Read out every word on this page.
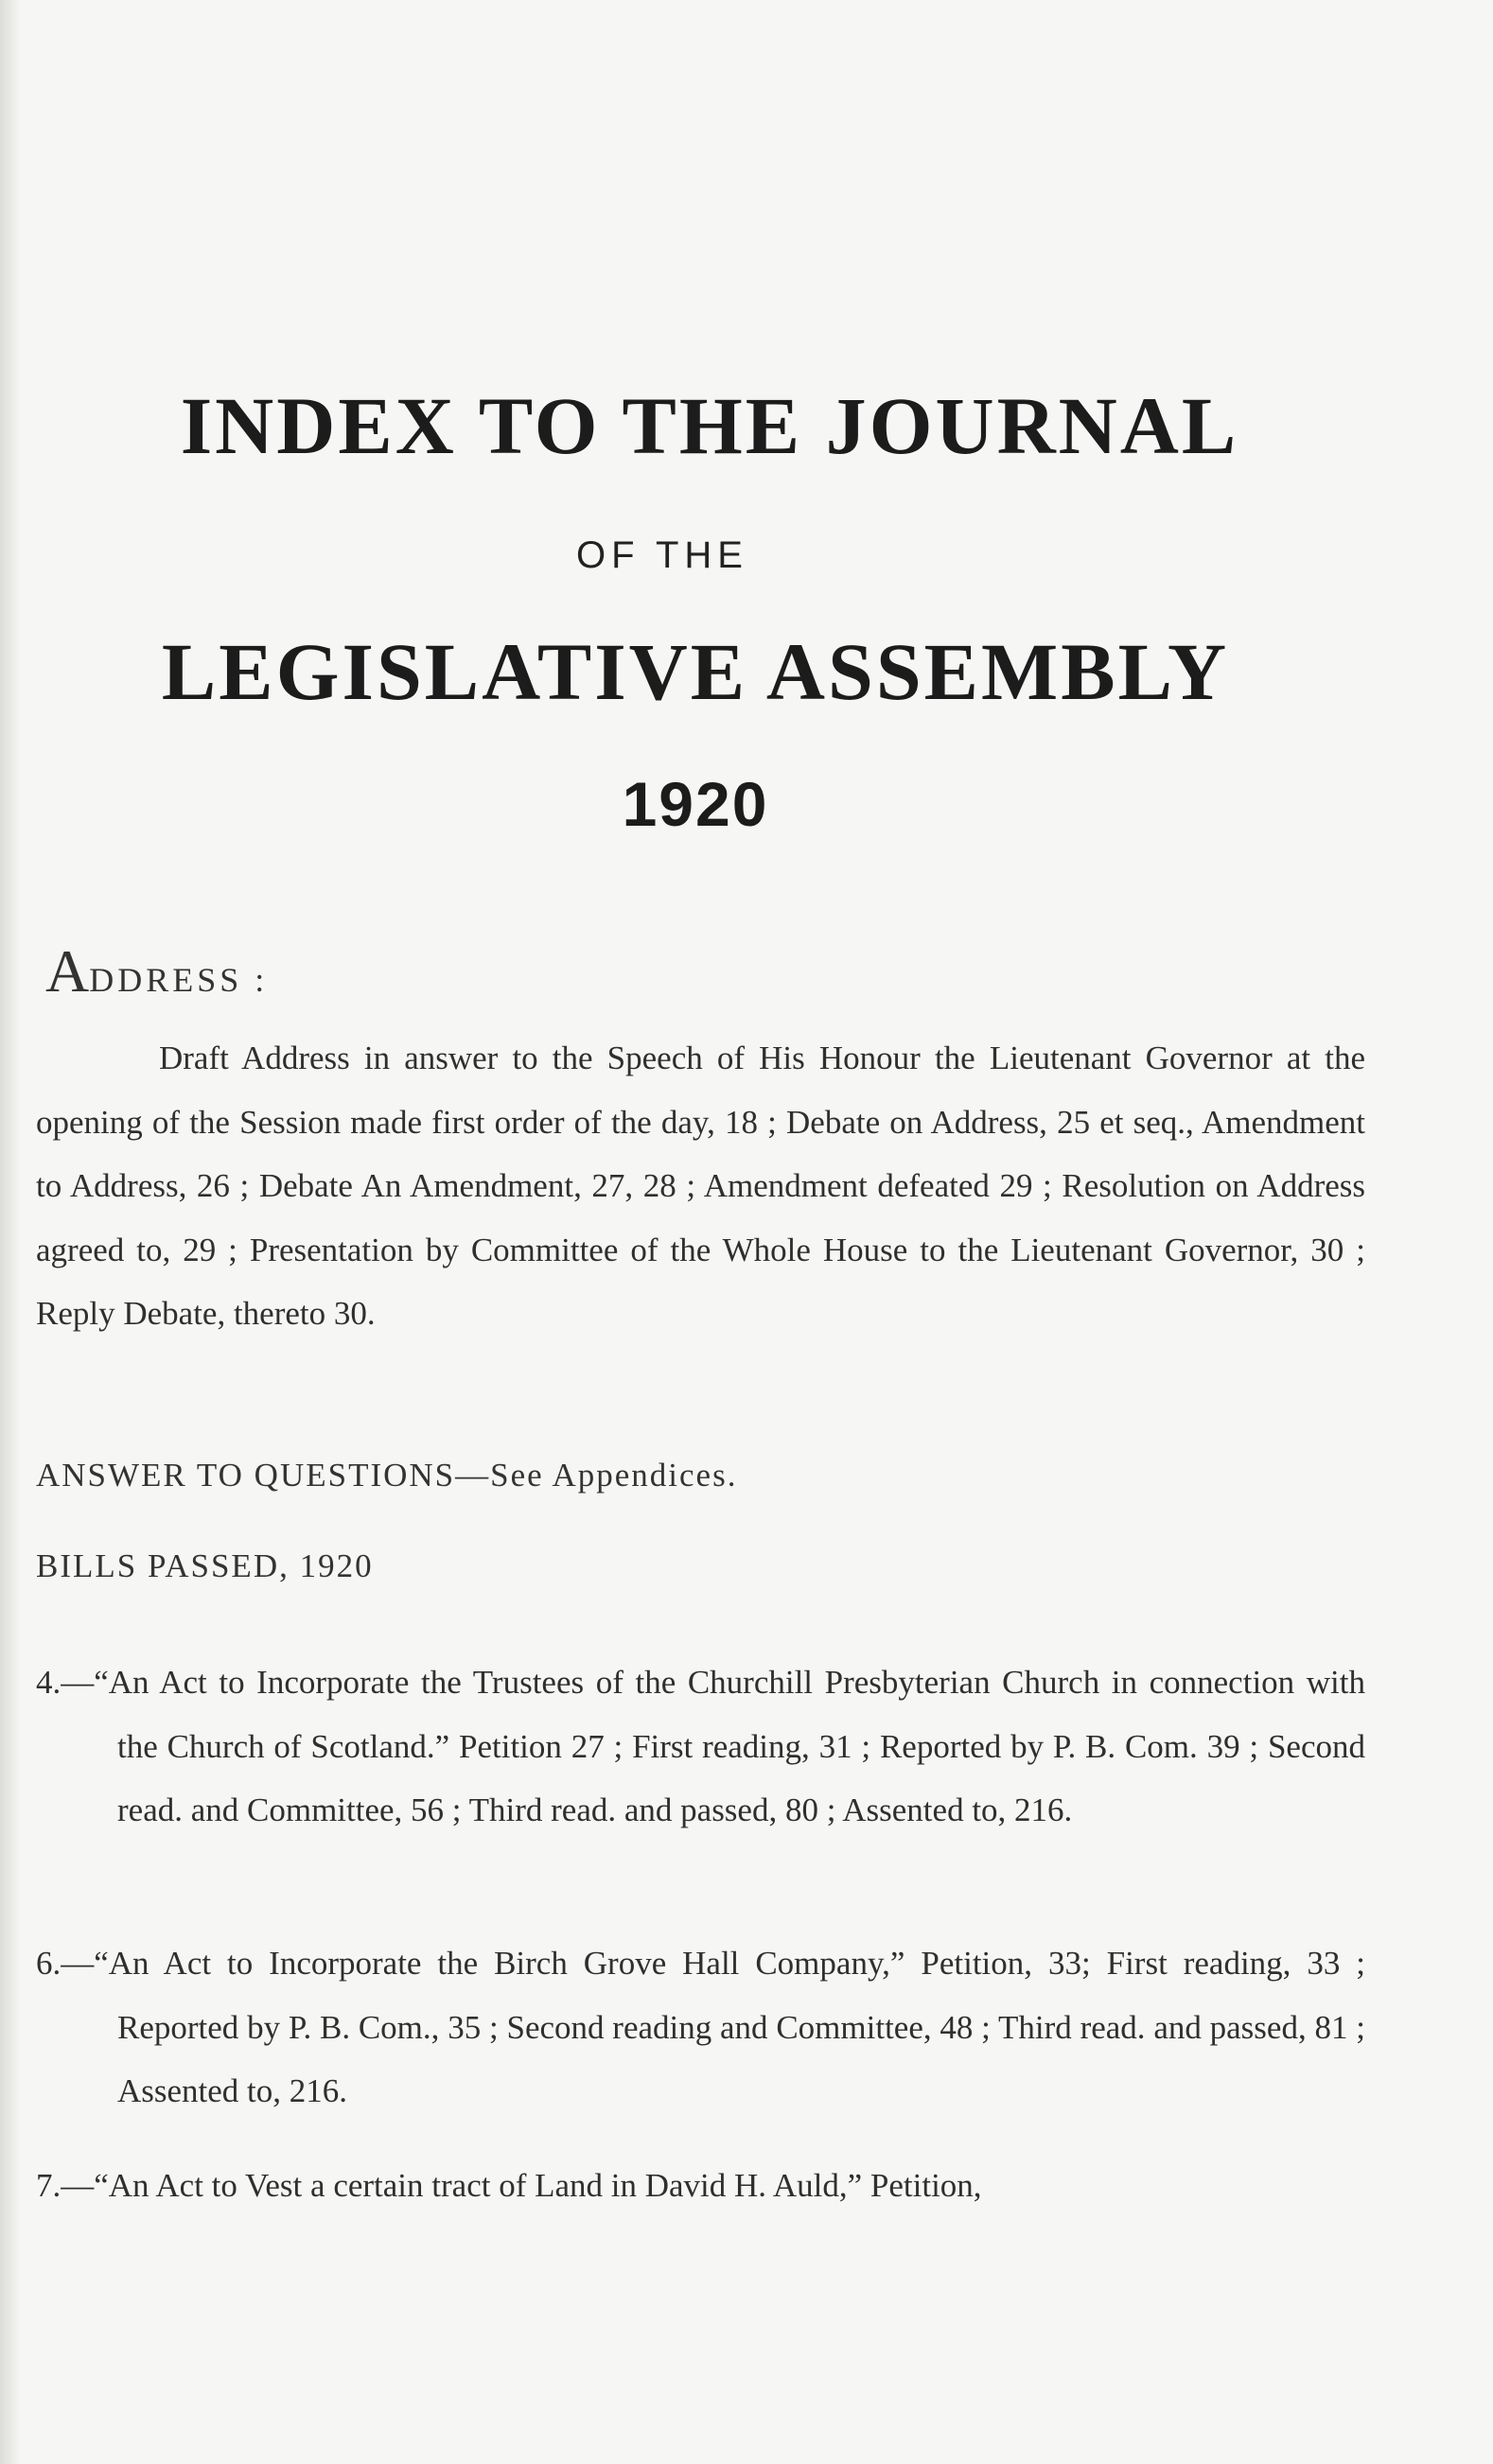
INDEX TO THE JOURNAL
OF THE
LEGISLATIVE ASSEMBLY
1920
ADDRESS :

Draft Address in answer to the Speech of His Honour the Lieutenant Governor at the opening of the Session made first order of the day, 18 ; Debate on Address, 25 et seq., Amendment to Address, 26 ; Debate An Amendment, 27, 28 ; Amendment defeated 29 ; Resolution on Address agreed to, 29 ; Presentation by Committee of the Whole House to the Lieutenant Governor, 30 ; Reply Debate, thereto 30.

ANSWER TO QUESTIONS—See Appendices.
BILLS PASSED, 1920

4.—“An Act to Incorporate the Trustees of the Churchill Presbyterian Church in connection with the Church of Scotland.” Petition 27 ; First reading, 31 ; Reported by P. B. Com. 39 ; Second read. and Committee, 56 ; Third read. and passed, 80 ; Assented to, 216.

6.—“An Act to Incorporate the Birch Grove Hall Company,” Petition, 33; First reading, 33 ; Reported by P. B. Com., 35 ; Second reading and Committee, 48 ; Third read. and passed, 81 ; Assented to, 216.

7.—“An Act to Vest a certain tract of Land in David H. Auld,” Petition,
